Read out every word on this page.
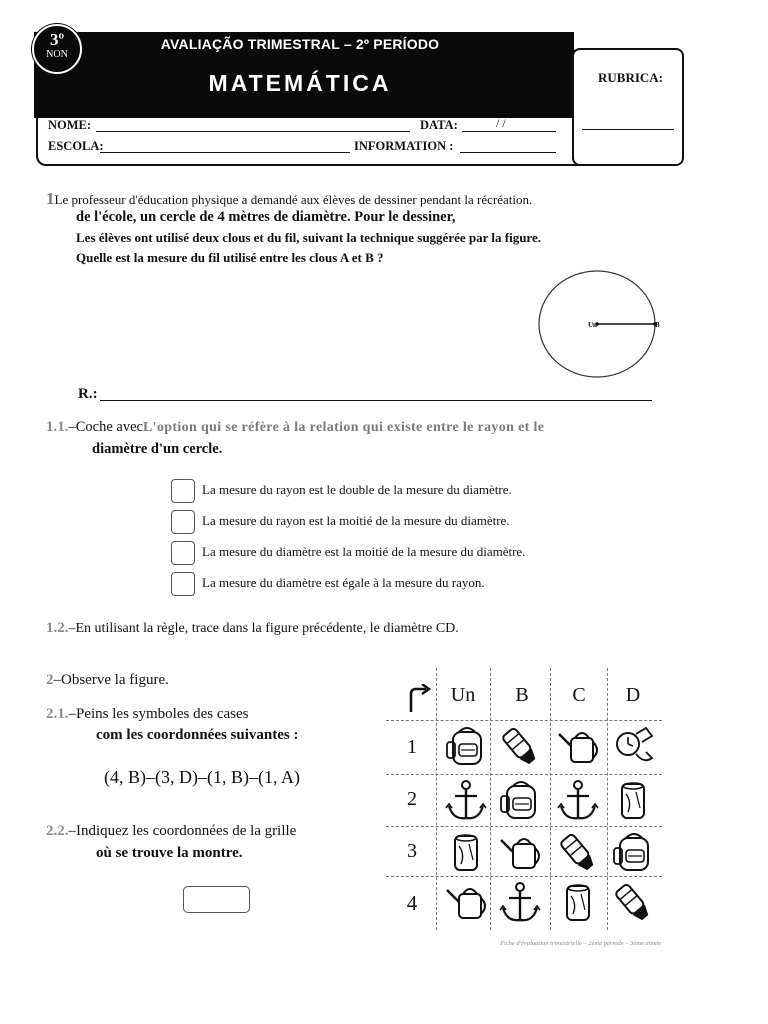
AVALIAÇÃO TRIMESTRAL – 2º PERÍODO
MATEMÁTICA
3º
NON
RUBRICA:
NOME:	DATA:	/ /
ESCOLA:	INFORMATION :
1Le professeur d'éducation physique a demandé aux élèves de dessiner pendant la récréation.
de l'école, un cercle de 4 mètres de diamètre. Pour le dessiner,
Les élèves ont utilisé deux clous et du fil, suivant la technique suggérée par la figure.
Quelle est la mesure du fil utilisé entre les clous A et B ?
Un	B
R.:
1.1.–Coche avecL'option qui se réfère à la relation qui existe entre le rayon et le
diamètre d'un cercle.
La mesure du rayon est le double de la mesure du diamètre.
La mesure du rayon est la moitié de la mesure du diamètre.
La mesure du diamètre est la moitié de la mesure du diamètre.
La mesure du diamètre est égale à la mesure du rayon.
1.2.–En utilisant la règle, trace dans la figure précédente, le diamètre CD.
2–Observe la figure.
2.1.–Peins les symboles des cases
com les coordonnées suivantes :
(4, B)–(3, D)–(1, B)–(1, A)
2.2.–Indiquez les coordonnées de la grille
où se trouve la montre.
Un	B	C	D
1
2
3
4
Fiche d'évaluation trimestrielle – 2ème période – 3ème année
